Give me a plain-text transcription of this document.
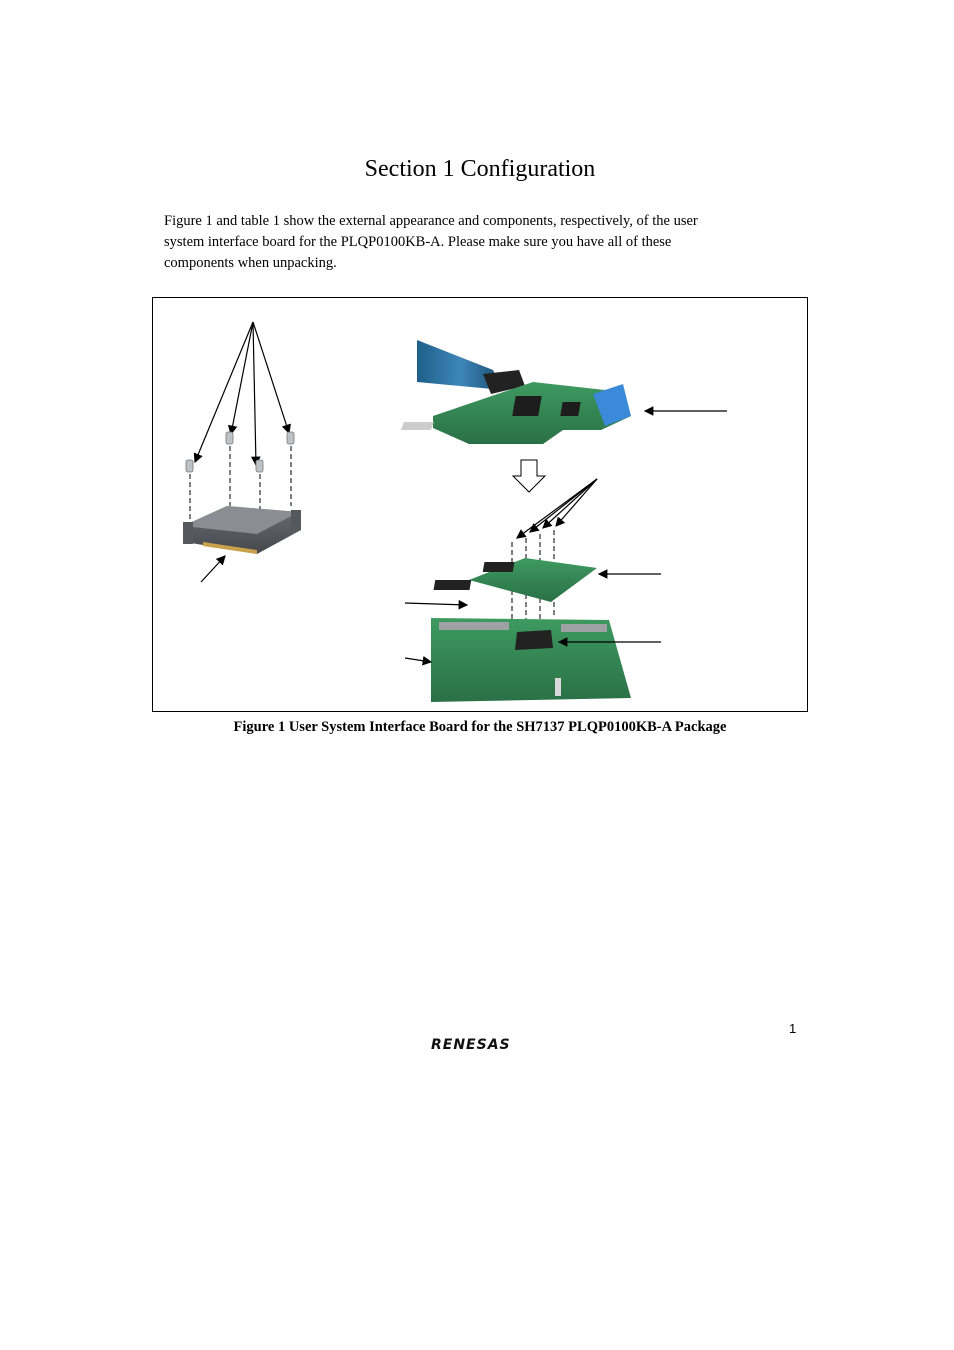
Section 1 Configuration

Figure 1 and table 1 show the external appearance and components, respectively, of the user

system interface board for the PLQP0100KB-A. Please make sure you have all of these

components when unpacking.

Figure 1 User System Interface Board for the SH7137 PLQP0100KB-A Package
1
RENESAS
